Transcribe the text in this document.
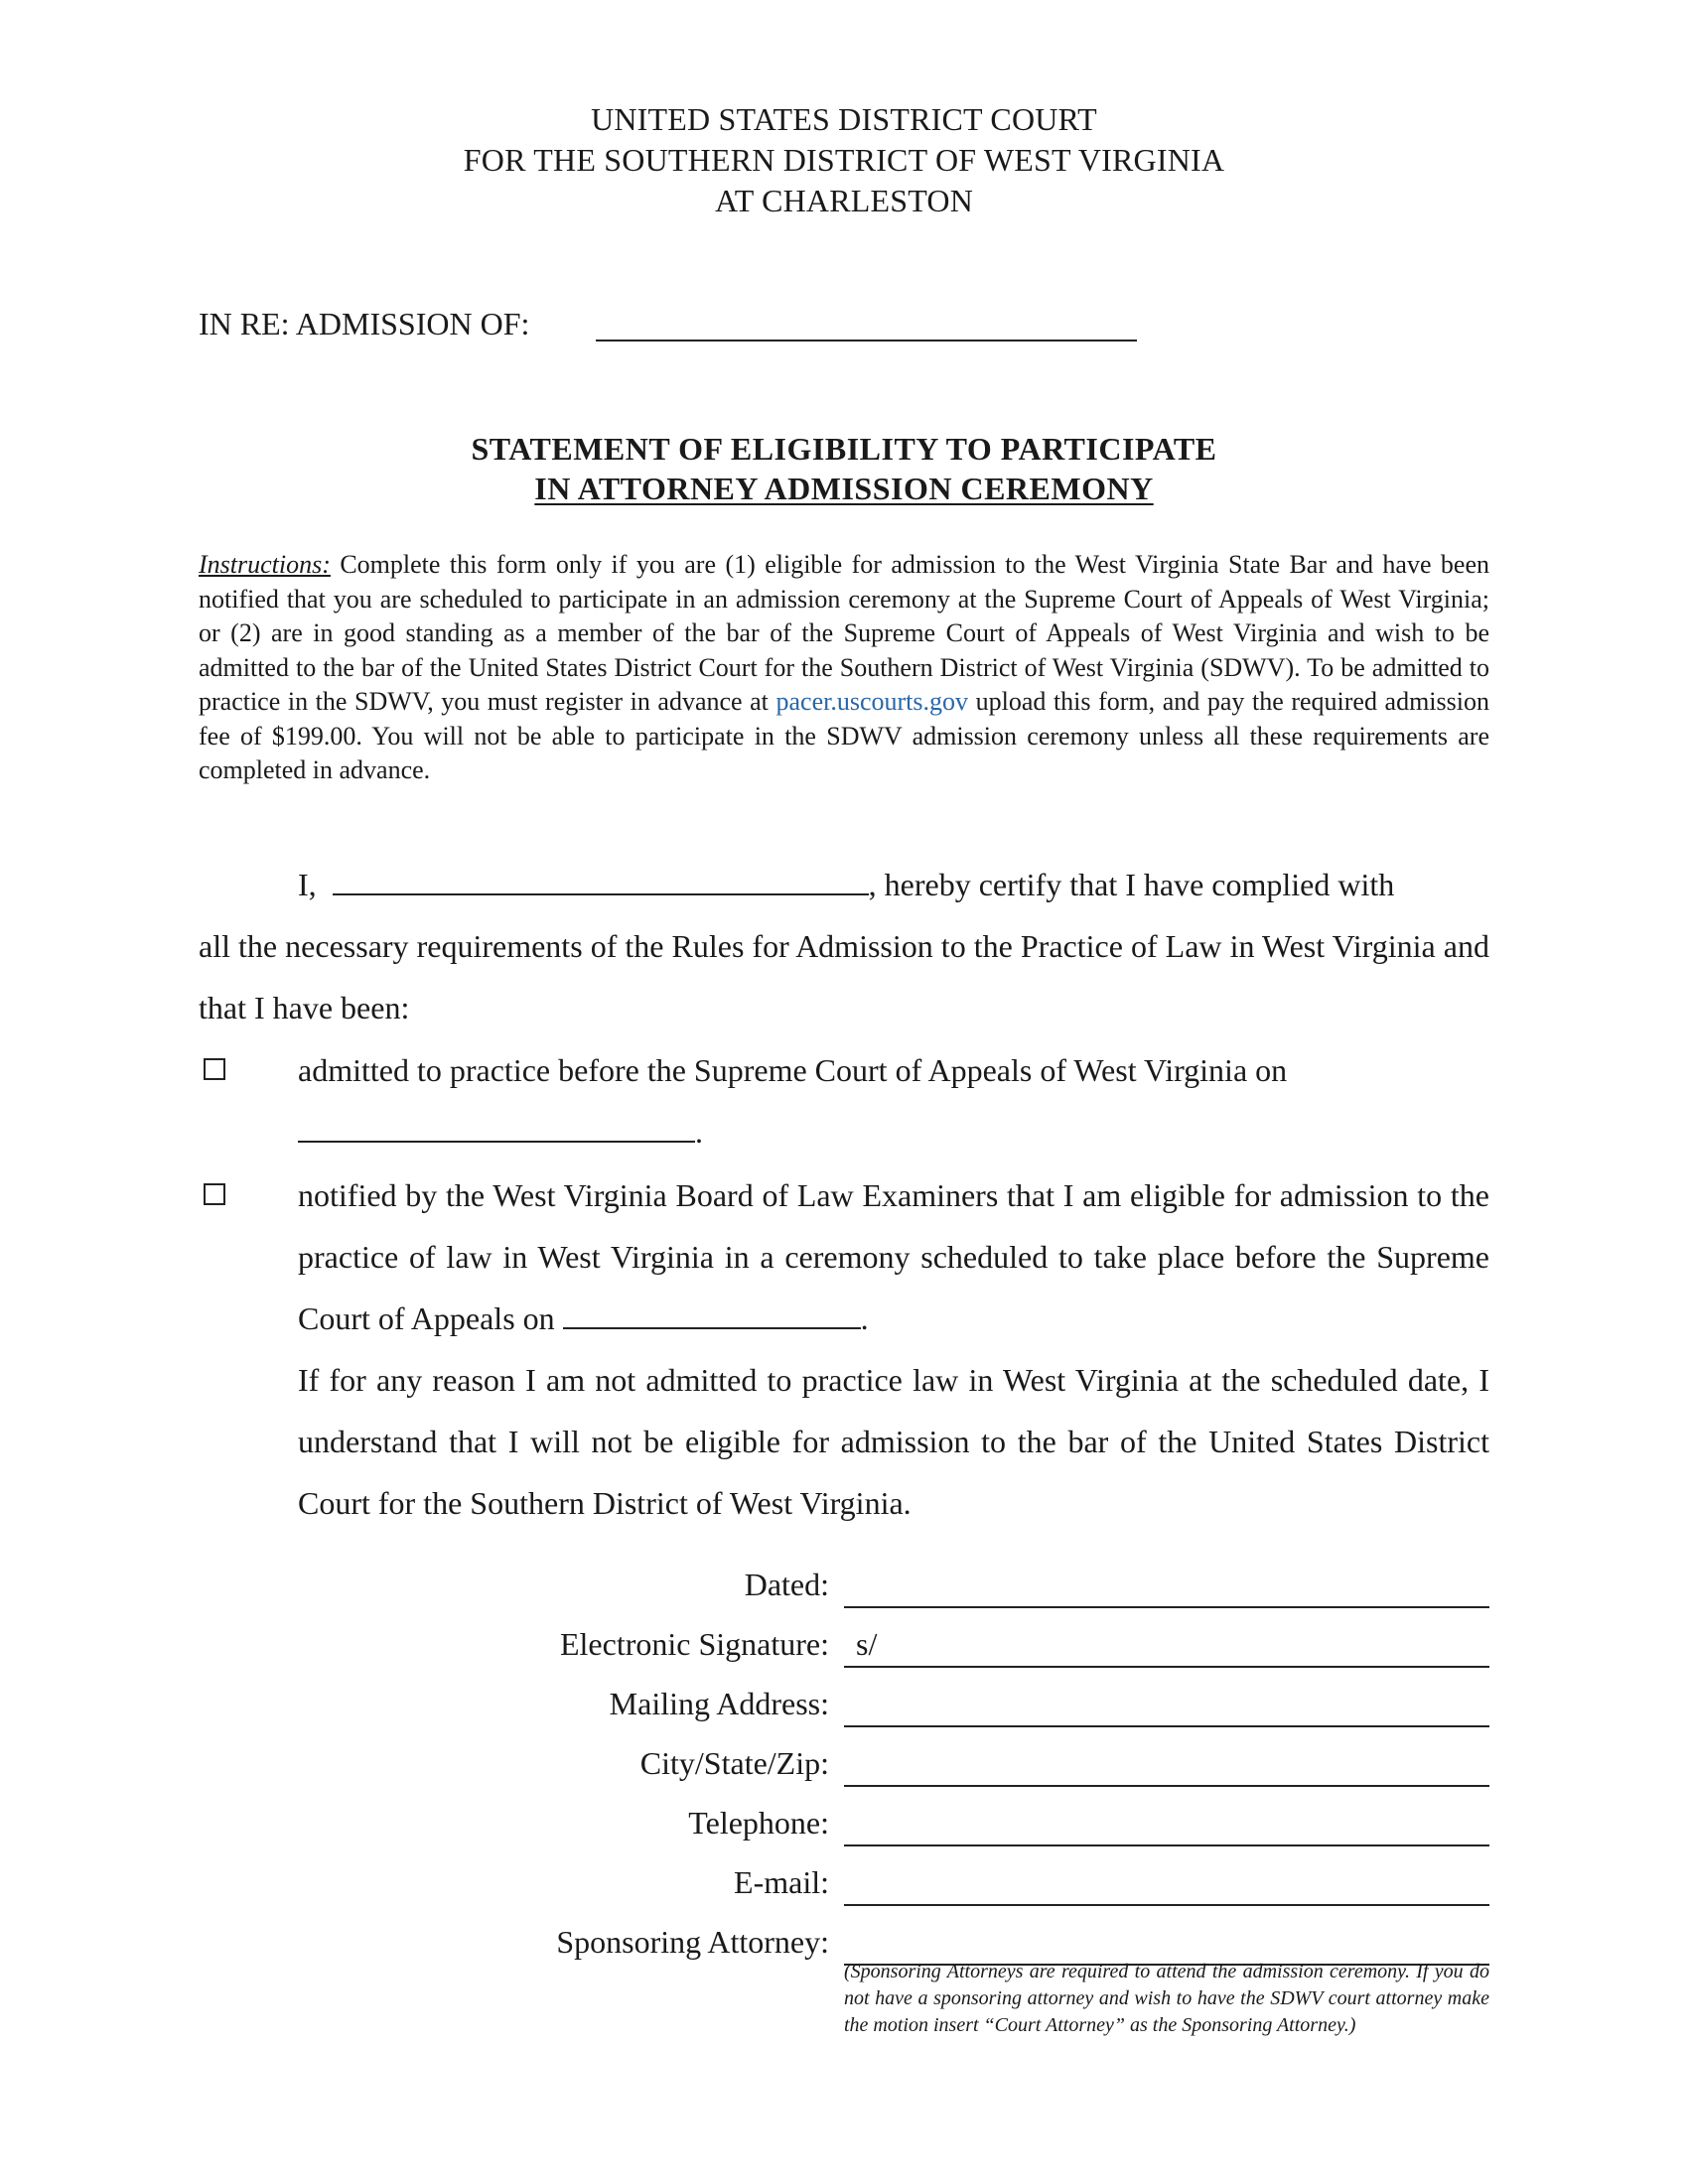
UNITED STATES DISTRICT COURT
FOR THE SOUTHERN DISTRICT OF WEST VIRGINIA
AT CHARLESTON
IN RE: ADMISSION OF:
STATEMENT OF ELIGIBILITY TO PARTICIPATE
IN ATTORNEY ADMISSION CEREMONY
Instructions: Complete this form only if you are (1) eligible for admission to the West Virginia State Bar and have been notified that you are scheduled to participate in an admission ceremony at the Supreme Court of Appeals of West Virginia; or (2) are in good standing as a member of the bar of the Supreme Court of Appeals of West Virginia and wish to be admitted to the bar of the United States District Court for the Southern District of West Virginia (SDWV). To be admitted to practice in the SDWV, you must register in advance at pacer.uscourts.gov upload this form, and pay the required admission fee of $199.00. You will not be able to participate in the SDWV admission ceremony unless all these requirements are completed in advance.
I,	, hereby certify that I have complied with
all the necessary requirements of the Rules for Admission to the Practice of Law in West Virginia and that I have been:
admitted to practice before the Supreme Court of Appeals of West Virginia on
.
notified by the West Virginia Board of Law Examiners that I am eligible for admission to the practice of law in West Virginia in a ceremony scheduled to take place before the Supreme Court of Appeals on	.
If for any reason I am not admitted to practice law in West Virginia at the scheduled date, I understand that I will not be eligible for admission to the bar of the United States District Court for the Southern District of West Virginia.
Dated:
Electronic Signature: s/
Mailing Address:
City/State/Zip:
Telephone:
E-mail:
Sponsoring Attorney:
(Sponsoring Attorneys are required to attend the admission ceremony. If you do not have a sponsoring attorney and wish to have the SDWV court attorney make the motion insert “Court Attorney” as the Sponsoring Attorney.)
